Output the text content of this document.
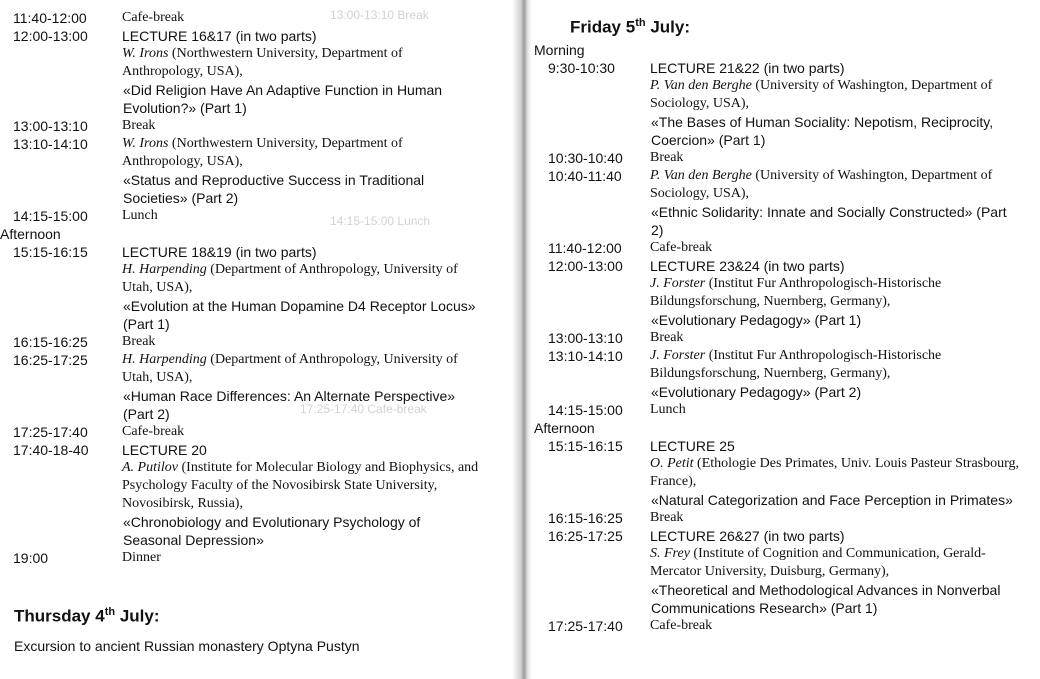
13:00-13:10 Break
14:15-15:00 Lunch
17:25-17:40 Cafe-break
11:40-12:00	Cafe-break
12:00-13:00	LECTURE 16&17 (in two parts)
W. Irons (Northwestern University, Department of Anthropology, USA),
«Did Religion Have An Adaptive Function in Human Evolution?» (Part 1)
13:00-13:10	Break
13:10-14:10	W. Irons (Northwestern University, Department of Anthropology, USA),
«Status and Reproductive Success in Traditional Societies» (Part 2)
14:15-15:00	Lunch
Afternoon
15:15-16:15	LECTURE 18&19 (in two parts)
H. Harpending (Department of Anthropology, University of Utah, USA),
«Evolution at the Human Dopamine D4 Receptor Locus» (Part 1)
16:15-16:25	Break
16:25-17:25	H. Harpending (Department of Anthropology, University of Utah, USA),
«Human Race Differences: An Alternate Perspective» (Part 2)
17:25-17:40	Cafe-break
17:40-18-40	LECTURE 20
A. Putilov (Institute for Molecular Biology and Biophysics, and Psychology Faculty of the Novosibirsk State University, Novosibirsk, Russia),
«Chronobiology and Evolutionary Psychology of Seasonal Depression»
19:00	Dinner
Thursday 4th July:
Excursion to ancient Russian monastery Optyna Pustyn
Friday 5th July:
Morning
9:30-10:30	LECTURE 21&22 (in two parts)
P. Van den Berghe (University of Washington, Department of Sociology, USA),
«The Bases of Human Sociality: Nepotism, Reciprocity, Coercion» (Part 1)
10:30-10:40	Break
10:40-11:40	P. Van den Berghe (University of Washington, Department of Sociology, USA),
«Ethnic Solidarity: Innate and Socially Constructed» (Part 2)
11:40-12:00	Cafe-break
12:00-13:00	LECTURE 23&24 (in two parts)
J. Forster (Institut Fur Anthropologisch-Historische Bildungsforschung, Nuernberg, Germany),
«Evolutionary Pedagogy» (Part 1)
13:00-13:10	Break
13:10-14:10	J. Forster (Institut Fur Anthropologisch-Historische Bildungsforschung, Nuernberg, Germany),
«Evolutionary Pedagogy» (Part 2)
14:15-15:00	Lunch
Afternoon
15:15-16:15	LECTURE 25
O. Petit (Ethologie Des Primates, Univ. Louis Pasteur Strasbourg, France),
«Natural Categorization and Face Perception in Primates»
16:15-16:25	Break
16:25-17:25	LECTURE 26&27 (in two parts)
S. Frey (Institute of Cognition and Communication, Gerald-Mercator University, Duisburg, Germany),
«Theoretical and Methodological Advances in Nonverbal Communications Research» (Part 1)
17:25-17:40	Cafe-break
